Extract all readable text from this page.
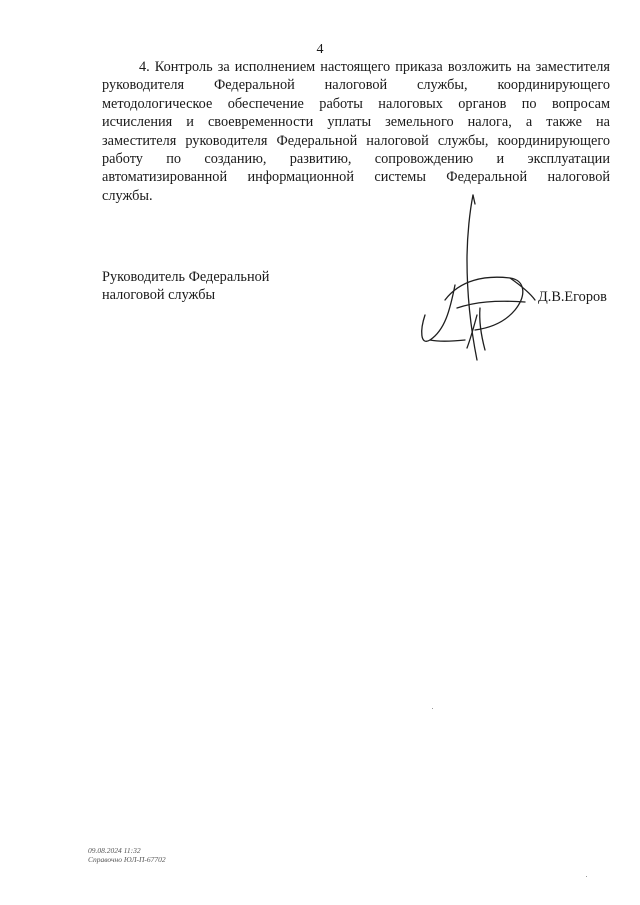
4
4. Контроль за исполнением настоящего приказа возложить на заместителя
руководителя Федеральной налоговой службы, координирующего
методологическое обеспечение работы налоговых органов по вопросам
исчисления и своевременности уплаты земельного налога, а также на
заместителя руководителя Федеральной налоговой службы, координирующего
работу по созданию, развитию, сопровождению и эксплуатации
автоматизированной информационной системы Федеральной налоговой
службы.
Руководитель Федеральной
налоговой службы	Д.В.Егоров
09.08.2024 11:32
Справочно ЮЛ-П-67702
